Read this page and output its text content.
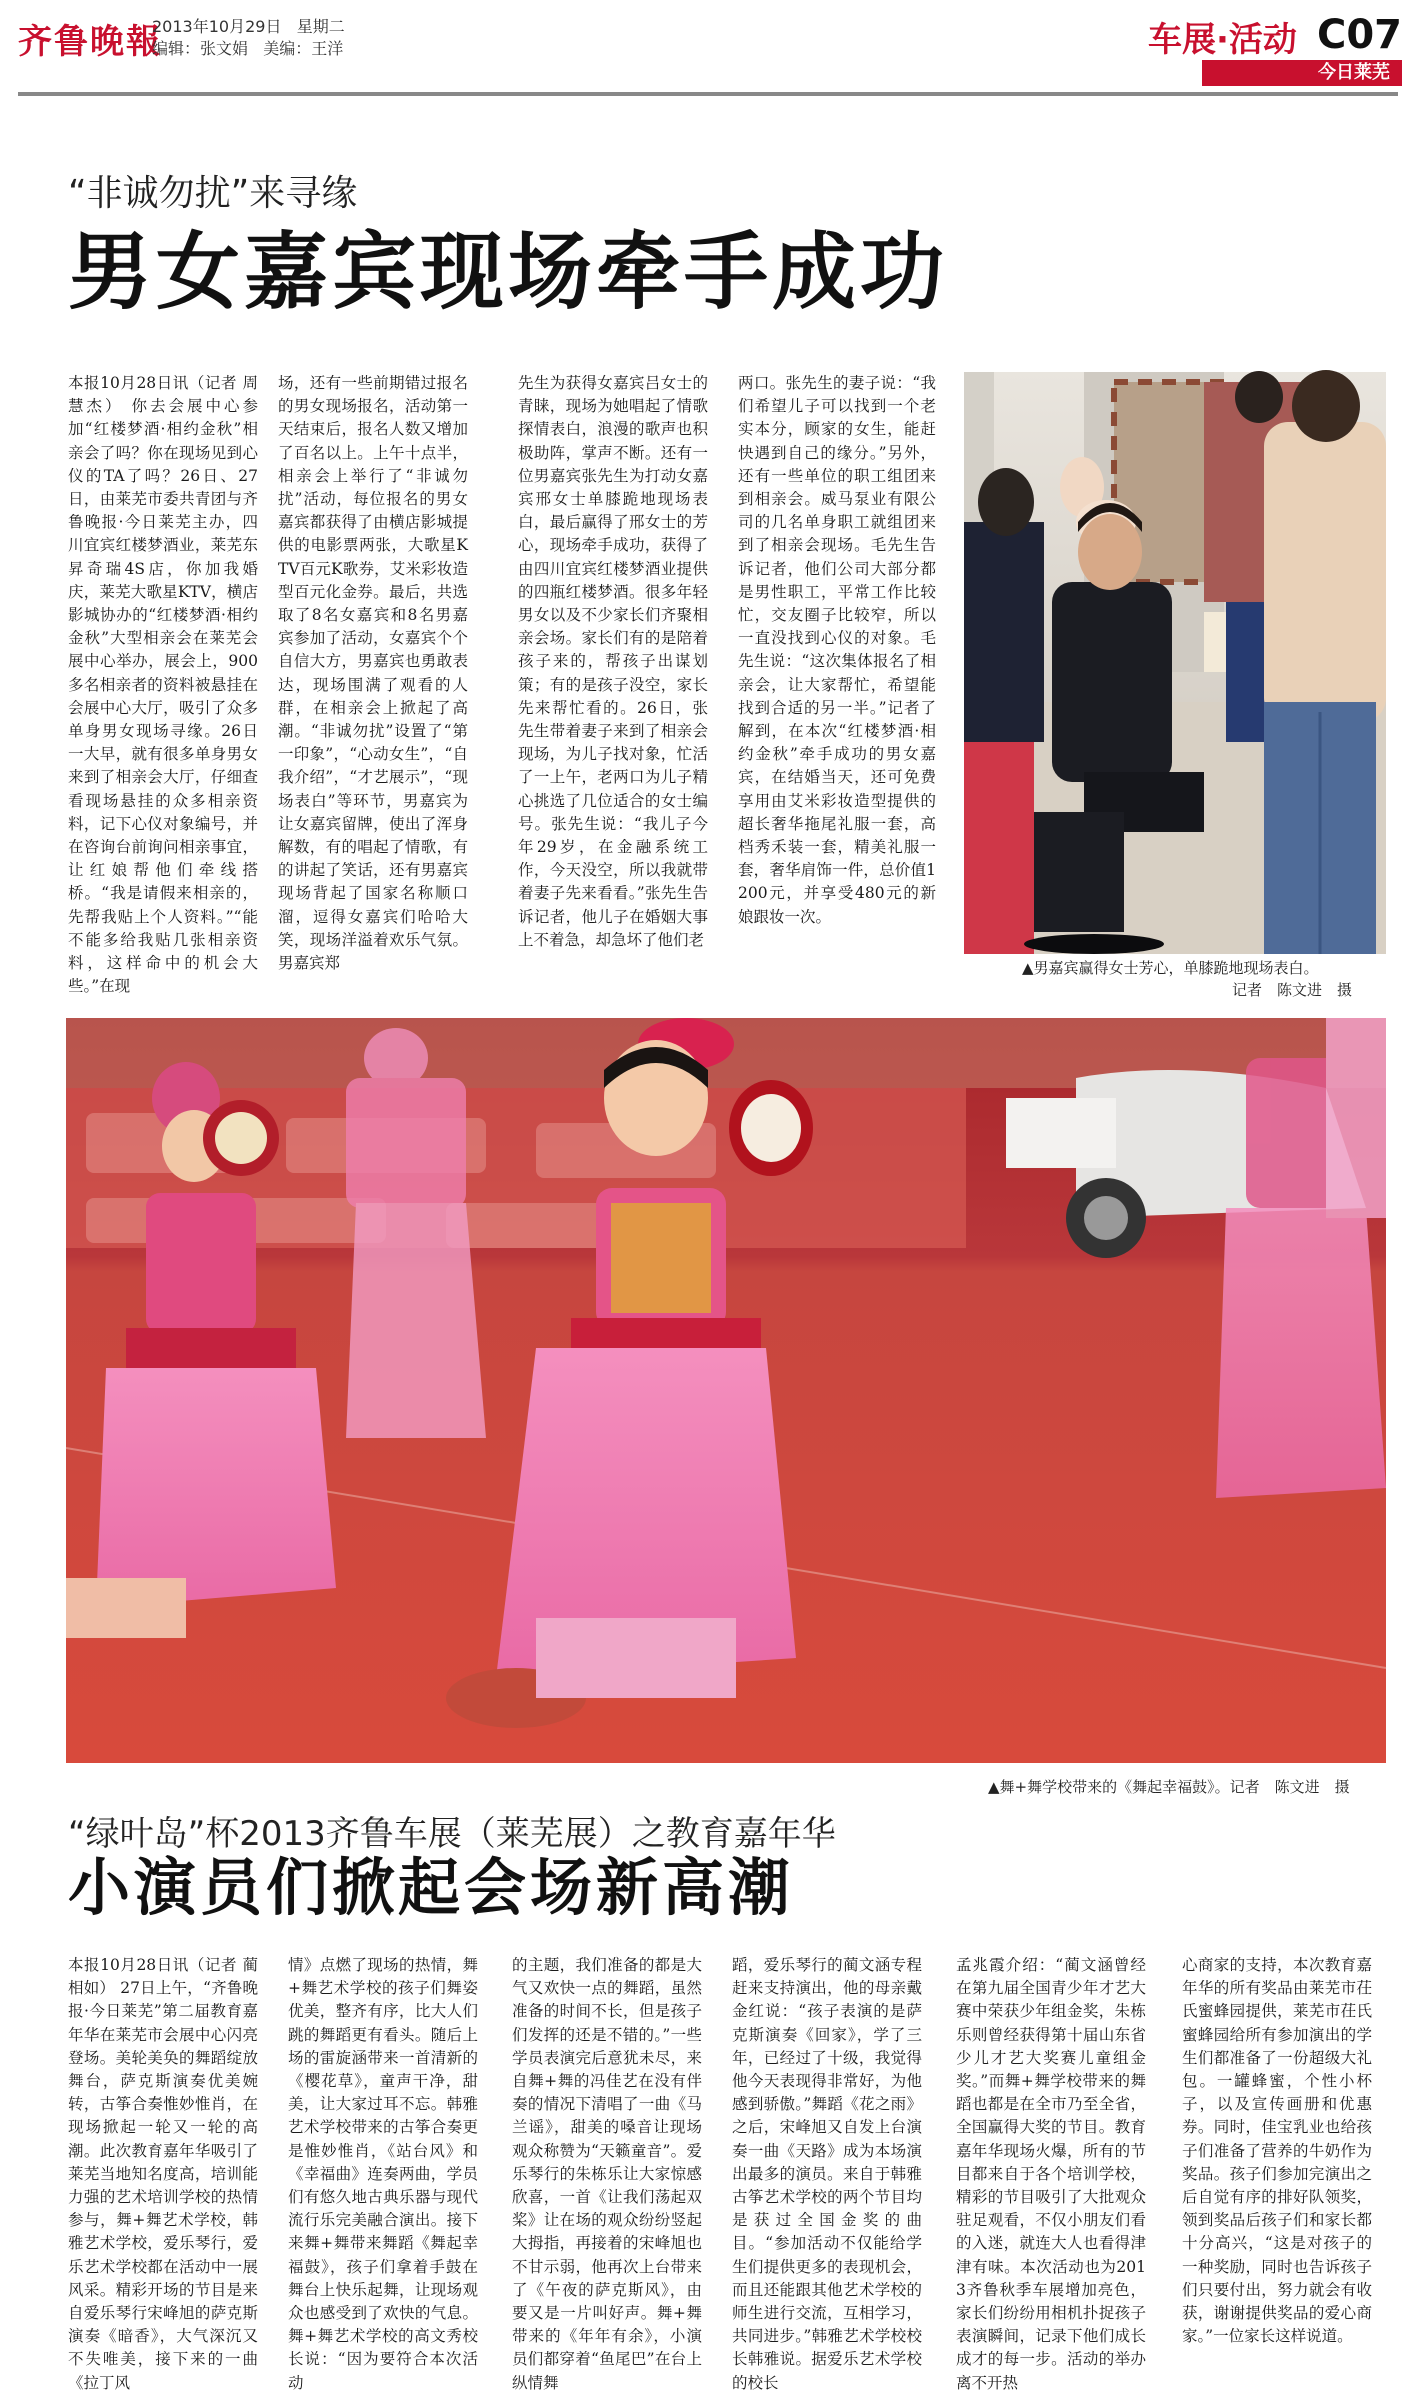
齐鲁晚報
2013年10月29日 星期二
编辑：张文娟 美编：王洋	车展·活动 C07
今日莱芜
“非诚勿扰”来寻缘
男女嘉宾现场牵手成功
本报10月28日讯（记者 周慧杰） 你去会展中心参加“红楼梦酒·相约金秋”相亲会了吗？你在现场见到心仪的TA了吗？26日、27日，由莱芜市委共青团与齐鲁晚报·今日莱芜主办，四川宜宾红楼梦酒业，莱芜东昇奇瑞4S店，你加我婚庆，莱芜大歌星KTV，横店影城协办的“红楼梦酒·相约金秋”大型相亲会在莱芜会展中心举办，展会上，900多名相亲者的资料被悬挂在会展中心大厅，吸引了众多单身男女现场寻缘。26日一大早，就有很多单身男女来到了相亲会大厅，仔细查看现场悬挂的众多相亲资料，记下心仪对象编号，并在咨询台前询问相亲事宜，让红娘帮他们牵线搭桥。“我是请假来相亲的，先帮我贴上个人资料。”“能不能多给我贴几张相亲资料，这样命中的机会大些。”在现
场，还有一些前期错过报名的男女现场报名，活动第一天结束后，报名人数又增加了百名以上。上午十点半，相亲会上举行了“非诚勿扰”活动，每位报名的男女嘉宾都获得了由横店影城提供的电影票两张，大歌星KTV百元K歌券，艾米彩妆造型百元化金券。最后，共选取了8名女嘉宾和8名男嘉宾参加了活动，女嘉宾个个自信大方，男嘉宾也勇敢表达，现场围满了观看的人群，在相亲会上掀起了高潮。“非诚勿扰”设置了“第一印象”，“心动女生”，“自我介绍”，“才艺展示”，“现场表白”等环节，男嘉宾为让女嘉宾留牌，使出了浑身解数，有的唱起了情歌，有的讲起了笑话，还有男嘉宾现场背起了国家名称顺口溜，逗得女嘉宾们哈哈大笑，现场洋溢着欢乐气氛。男嘉宾郑
先生为获得女嘉宾吕女士的青睐，现场为她唱起了情歌探情表白，浪漫的歌声也积极助阵，掌声不断。还有一位男嘉宾张先生为打动女嘉宾邢女士单膝跪地现场表白，最后赢得了邢女士的芳心，现场牵手成功，获得了由四川宜宾红楼梦酒业提供的四瓶红楼梦酒。很多年轻男女以及不少家长们齐聚相亲会场。家长们有的是陪着孩子来的，帮孩子出谋划策；有的是孩子没空，家长先来帮忙看的。26日，张先生带着妻子来到了相亲会现场，为儿子找对象，忙活了一上午，老两口为儿子精心挑选了几位适合的女士编号。张先生说：“我儿子今年29岁，在金融系统工作，今天没空，所以我就带着妻子先来看看。”张先生告诉记者，他儿子在婚姻大事上不着急，却急坏了他们老
两口。张先生的妻子说：“我们希望儿子可以找到一个老实本分，顾家的女生，能赶快遇到自己的缘分。”另外，还有一些单位的职工组团来到相亲会。威马泵业有限公司的几名单身职工就组团来到了相亲会现场。毛先生告诉记者，他们公司大部分都是男性职工，平常工作比较忙，交友圈子比较窄，所以一直没找到心仪的对象。毛先生说：“这次集体报名了相亲会，让大家帮忙，希望能找到合适的另一半。”记者了解到，在本次“红楼梦酒·相约金秋”牵手成功的男女嘉宾，在结婚当天，还可免费享用由艾米彩妆造型提供的超长奢华拖尾礼服一套，高档秀禾装一套，精美礼服一套，奢华肩饰一件，总价值1200元，并享受480元的新娘跟妆一次。
▲男嘉宾赢得女士芳心，单膝跪地现场表白。
记者　陈文进　摄
▲舞+舞学校带来的《舞起幸福鼓》。记者　陈文进　摄
“绿叶岛”杯2013齐鲁车展（莱芜展）之教育嘉年华
小演员们掀起会场新高潮
本报10月28日讯（记者 蔺相如） 27日上午，“齐鲁晚报·今日莱芜”第二届教育嘉年华在莱芜市会展中心闪亮登场。美轮美奂的舞蹈绽放舞台，萨克斯演奏优美婉转，古筝合奏惟妙惟肖，在现场掀起一轮又一轮的高潮。此次教育嘉年华吸引了莱芜当地知名度高，培训能力强的艺术培训学校的热情参与，舞+舞艺术学校，韩雅艺术学校，爱乐琴行，爱乐艺术学校都在活动中一展风采。精彩开场的节目是来自爱乐琴行宋峰旭的萨克斯演奏《暗香》，大气深沉又不失唯美，接下来的一曲《拉丁风
情》点燃了现场的热情，舞+舞艺术学校的孩子们舞姿优美，整齐有序，比大人们跳的舞蹈更有看头。随后上场的雷旋涵带来一首清新的《樱花草》，童声干净，甜美，让大家过耳不忘。韩雅艺术学校带来的古筝合奏更是惟妙惟肖，《站台风》和《幸福曲》连奏两曲，学员们有悠久地古典乐器与现代流行乐完美融合演出。接下来舞+舞带来舞蹈《舞起幸福鼓》，孩子们拿着手鼓在舞台上快乐起舞，让现场观众也感受到了欢快的气息。舞+舞艺术学校的高文秀校长说：“因为要符合本次活动
的主题，我们准备的都是大气又欢快一点的舞蹈，虽然准备的时间不长，但是孩子们发挥的还是不错的。”一些学员表演完后意犹未尽，来自舞+舞的冯佳艺在没有伴奏的情况下清唱了一曲《马兰谣》，甜美的嗓音让现场观众称赞为“天籁童音”。爱乐琴行的朱栋乐让大家惊感欣喜，一首《让我们荡起双桨》让在场的观众纷纷竖起大拇指，再接着的宋峰旭也不甘示弱，他再次上台带来了《午夜的萨克斯风》，由要又是一片叫好声。舞+舞带来的《年年有余》，小演员们都穿着“鱼尾巴”在台上纵情舞
蹈，爱乐琴行的蔺文涵专程赶来支持演出，他的母亲戴金红说：“孩子表演的是萨克斯演奏《回家》，学了三年，已经过了十级，我觉得他今天表现得非常好，为他感到骄傲。”舞蹈《花之雨》之后，宋峰旭又自发上台演奏一曲《天路》成为本场演出最多的演员。来自于韩雅古筝艺术学校的两个节目均是获过全国金奖的曲目。“参加活动不仅能给学生们提供更多的表现机会，而且还能跟其他艺术学校的师生进行交流，互相学习，共同进步。”韩雅艺术学校校长韩雅说。据爱乐艺术学校的校长
孟兆霞介绍：“蔺文涵曾经在第九届全国青少年才艺大赛中荣获少年组金奖，朱栋乐则曾经获得第十届山东省少儿才艺大奖赛儿童组金奖。”而舞+舞学校带来的舞蹈也都是在全市乃至全省，全国赢得大奖的节目。教育嘉年华现场火爆，所有的节目都来自于各个培训学校，精彩的节目吸引了大批观众驻足观看，不仅小朋友们看的入迷，就连大人也看得津津有味。本次活动也为2013齐鲁秋季车展增加亮色，家长们纷纷用相机扑捉孩子表演瞬间，记录下他们成长 成才的每一步。活动的举办离不开热
心商家的支持，本次教育嘉年华的所有奖品由莱芜市茌氏蜜蜂园提供，莱芜市茌氏蜜蜂园给所有参加演出的学生们都准备了一份超级大礼包。一罐蜂蜜，个性小杯子，以及宣传画册和优惠券。同时，佳宝乳业也给孩子们准备了营养的牛奶作为奖品。孩子们参加完演出之后自觉有序的排好队领奖，领到奖品后孩子们和家长都十分高兴，“这是对孩子的一种奖励，同时也告诉孩子们只要付出，努力就会有收获，谢谢提供奖品的爱心商家。”一位家长这样说道。
